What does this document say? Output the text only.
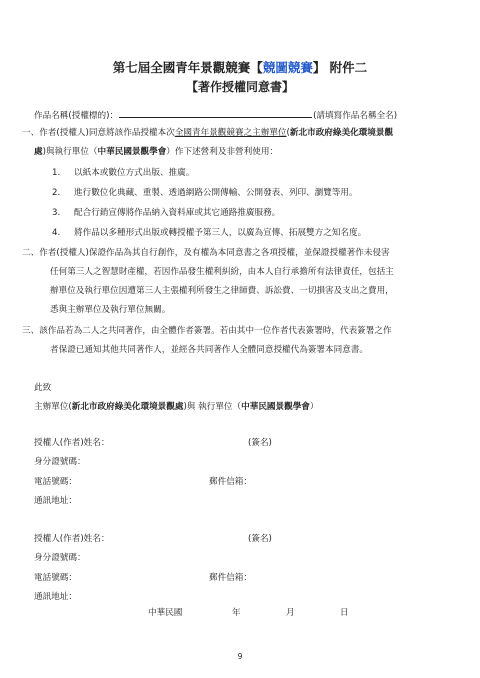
第七屆全國青年景觀競賽【競圖競賽】 附件二
【著作授權同意書】
作品名稱(授權標的)：	(請填寫作品名稱全名)
一、作者(授權人)同意將該作品授權本次全國青年景觀競賽之主辦單位(新北市政府綠美化環境景觀
處)與執行單位（中華民國景觀學會）作下述營利及非營利使用：
1. 以紙本或數位方式出版、推廣。
2. 進行數位化典藏、重製、透過網路公開傳輸、公開發表、列印、瀏覽等用。
3. 配合行銷宣傳將作品納入資料庫或其它通路推廣服務。
4. 將作品以多種形式出版或轉授權予第三人，以廣為宣傳、拓展雙方之知名度。
二、作者(授權人)保證作品為其自行創作，及有權為本同意書之各項授權，並保證授權著作未侵害
任何第三人之智慧財產權，若因作品發生權利糾紛，由本人自行承擔所有法律責任，包括主
辦單位及執行單位因遭第三人主張權利所發生之律師費、訴訟費、一切損害及支出之費用，
悉與主辦單位及執行單位無關。
三、該作品若為二人之共同著作，由全體作者簽署。若由其中一位作者代表簽署時，代表簽署之作
者保證已通知其他共同著作人，並經各共同著作人全體同意授權代為簽署本同意書。
此致
主辦單位(新北市政府綠美化環境景觀處)與 執行單位（中華民國景觀學會）
授權人(作者)姓名：	(簽名)
身分證號碼：
電話號碼：	郵件信箱：
通訊地址：
授權人(作者)姓名：	(簽名)
身分證號碼：
電話號碼：	郵件信箱：
通訊地址：
中華民國	年	月	日
9
